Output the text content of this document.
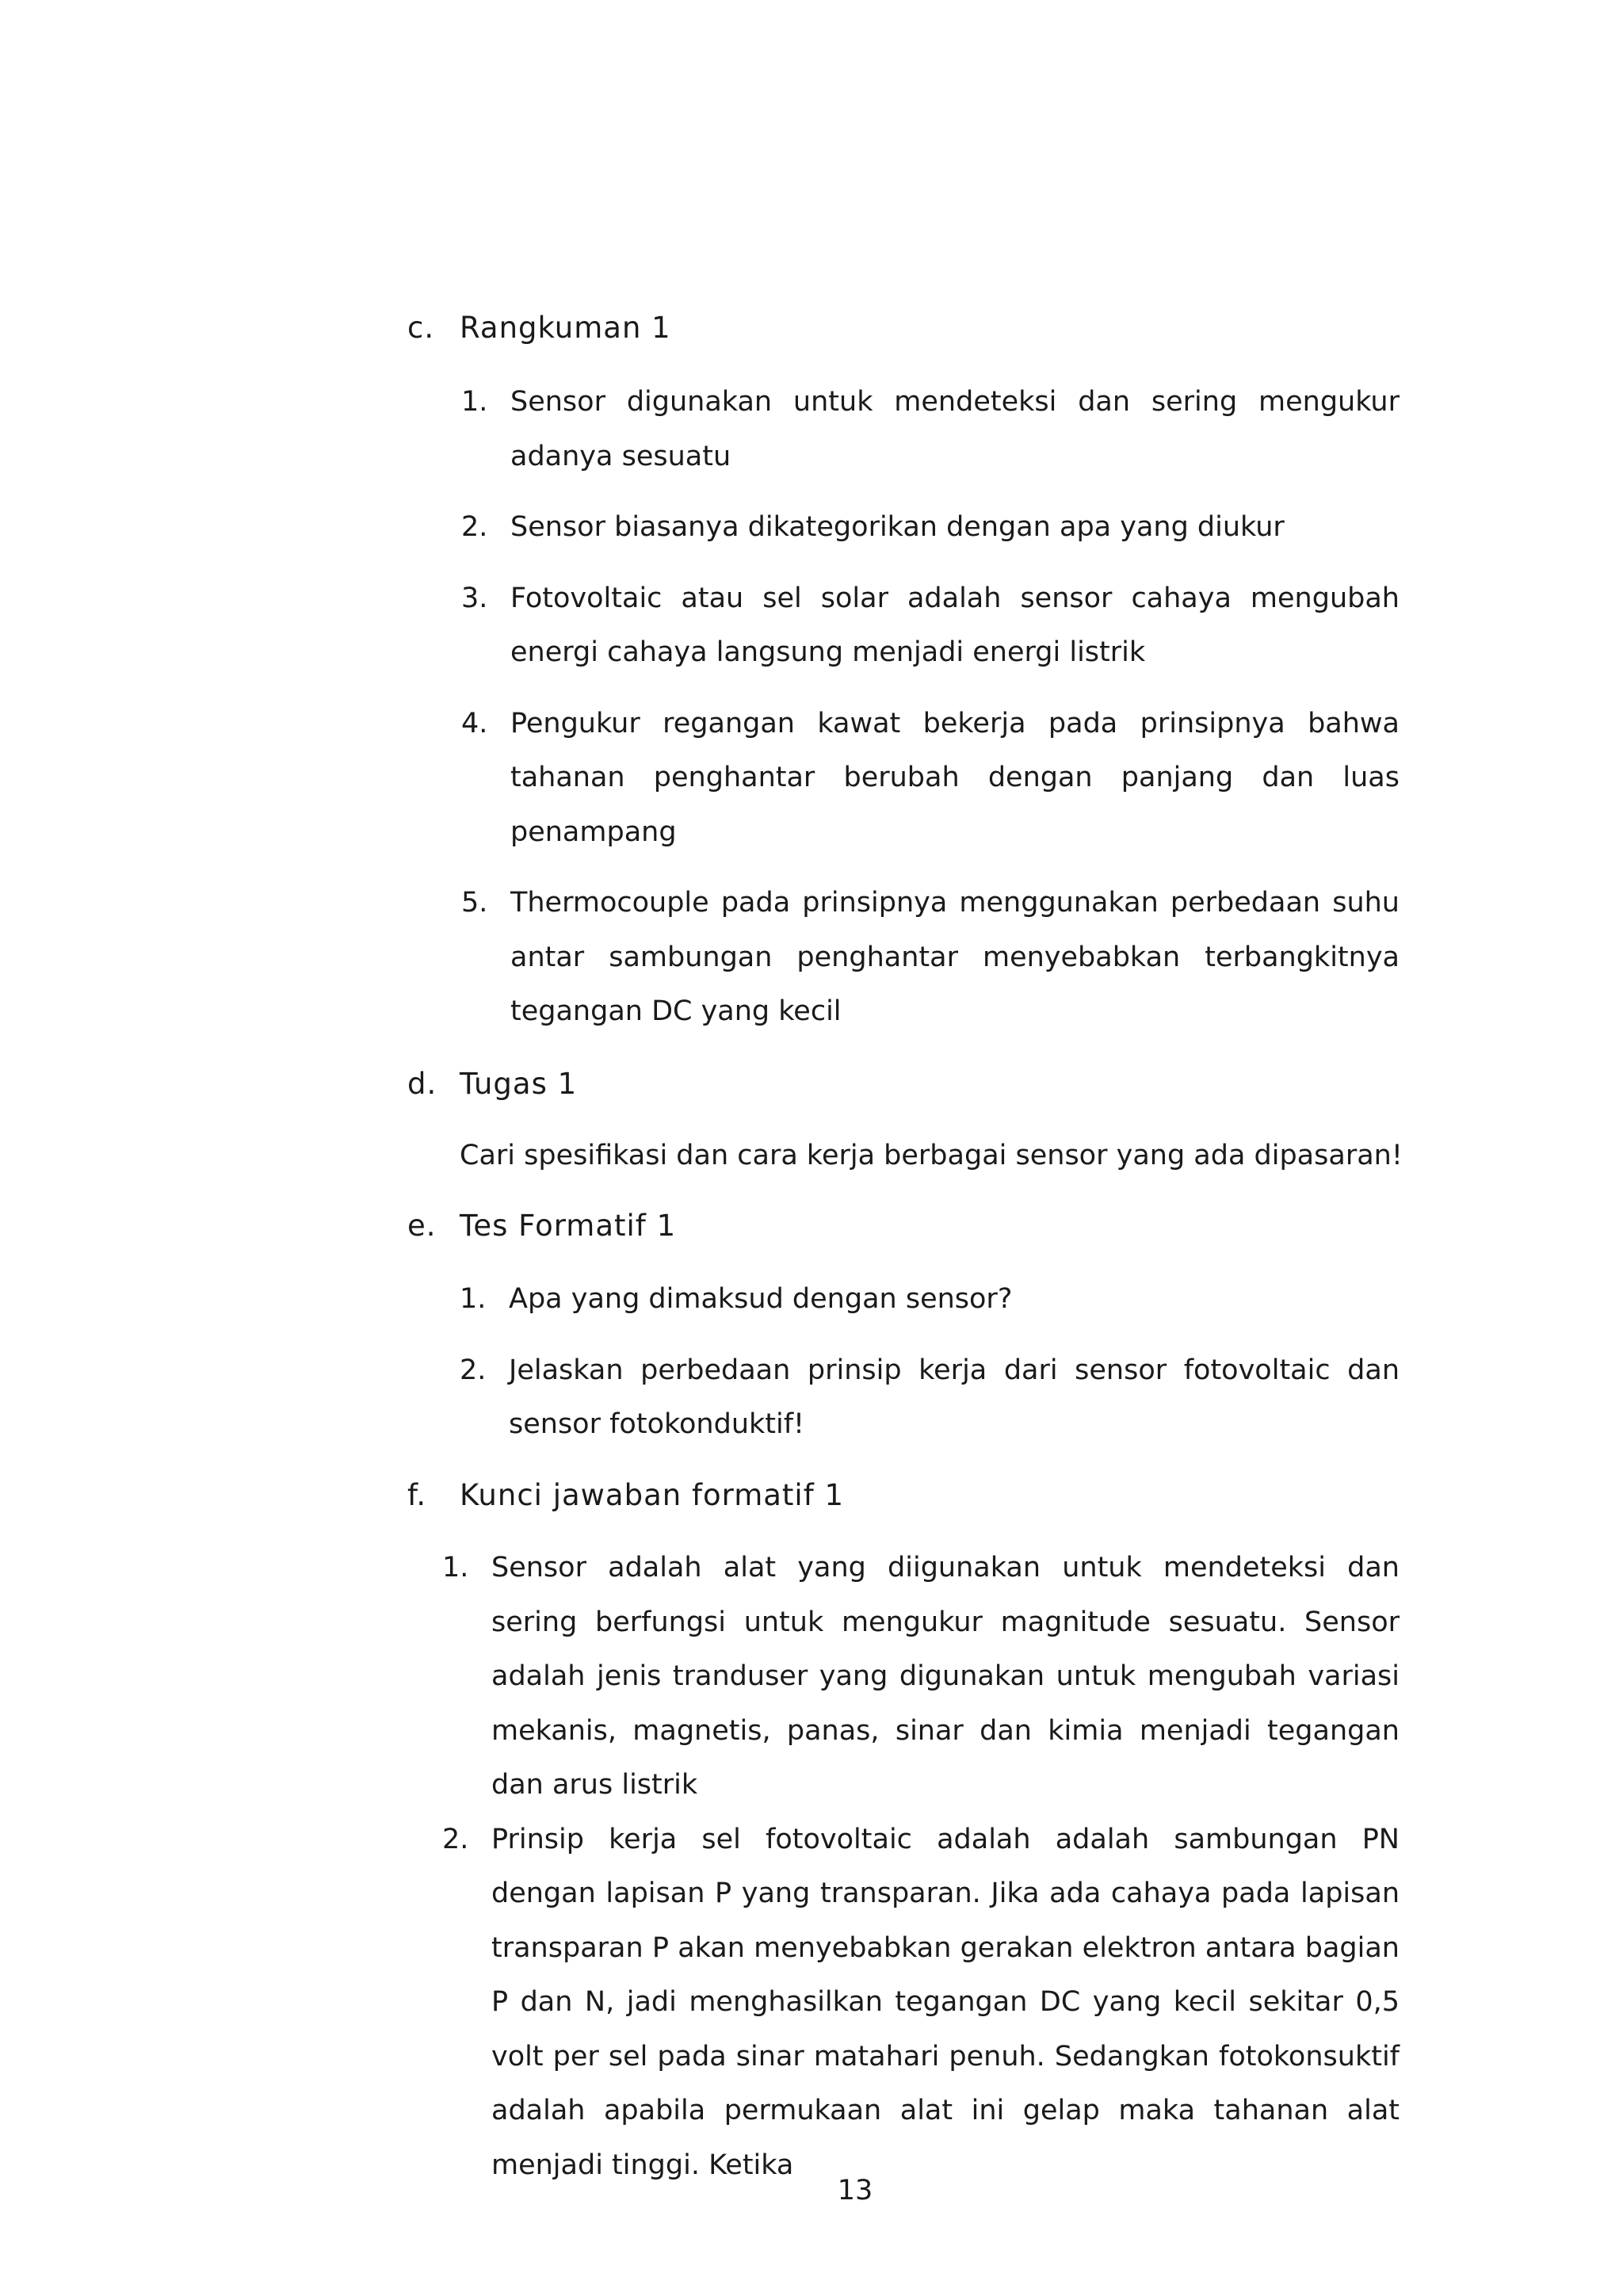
c. Rangkuman 1
1. Sensor digunakan untuk mendeteksi dan sering mengukur adanya sesuatu
2. Sensor biasanya dikategorikan dengan apa yang diukur
3. Fotovoltaic atau sel solar adalah sensor cahaya mengubah energi cahaya langsung menjadi energi listrik
4. Pengukur regangan kawat bekerja pada prinsipnya bahwa tahanan penghantar berubah dengan panjang dan luas penampang
5. Thermocouple pada prinsipnya menggunakan perbedaan suhu antar sambungan penghantar menyebabkan terbangkitnya tegangan DC yang kecil
d. Tugas 1
Cari spesifikasi dan cara kerja berbagai sensor yang ada dipasaran!
e. Tes Formatif 1
1. Apa yang dimaksud dengan sensor?
2. Jelaskan perbedaan prinsip kerja dari sensor fotovoltaic dan sensor fotokonduktif!
f. Kunci jawaban formatif 1
1. Sensor adalah alat yang diigunakan untuk mendeteksi dan sering berfungsi untuk mengukur magnitude sesuatu. Sensor adalah jenis tranduser yang digunakan untuk mengubah variasi mekanis, magnetis, panas, sinar dan kimia menjadi tegangan dan arus listrik
2. Prinsip kerja sel fotovoltaic adalah adalah sambungan PN dengan lapisan P yang transparan. Jika ada cahaya pada lapisan transparan P akan menyebabkan gerakan elektron antara bagian P dan N, jadi menghasilkan tegangan DC yang kecil sekitar 0,5 volt per sel pada sinar matahari penuh. Sedangkan fotokonsuktif adalah apabila permukaan alat ini gelap maka tahanan alat menjadi tinggi. Ketika
13
